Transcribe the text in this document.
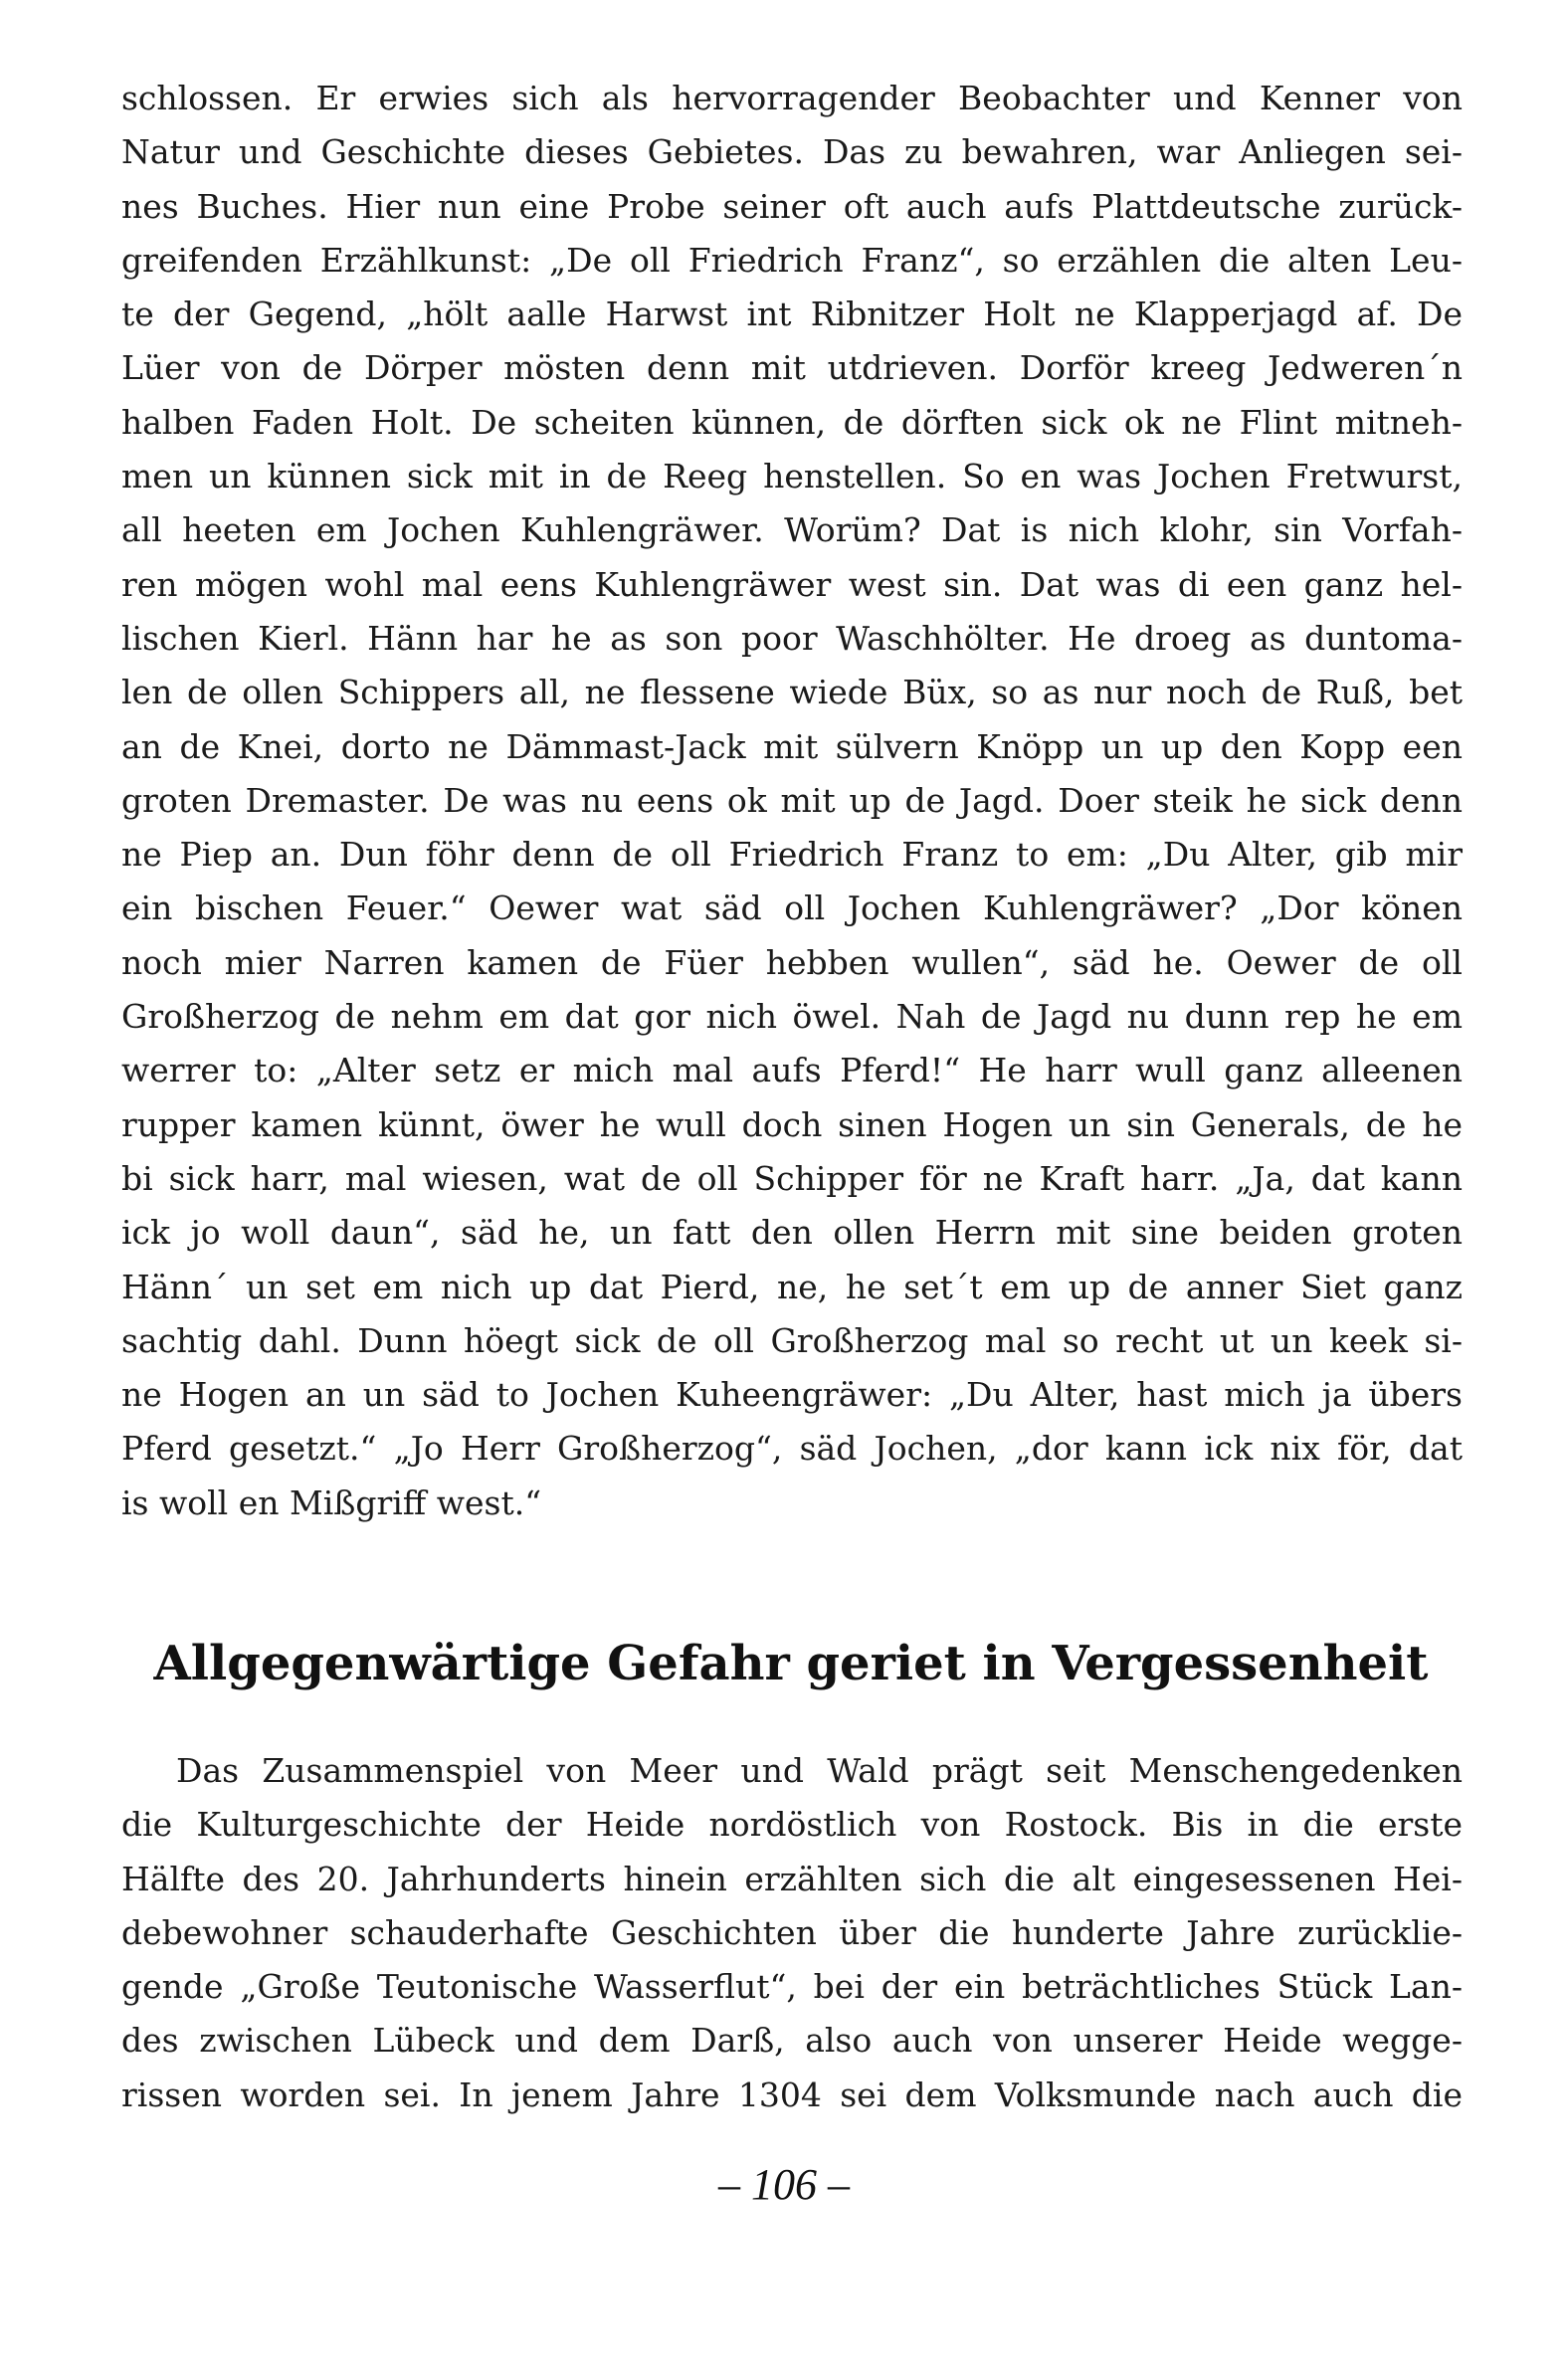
schlossen. Er erwies sich als hervorragender Beobachter und Kenner von
Natur und Geschichte dieses Gebietes. Das zu bewahren, war Anliegen sei-
nes Buches. Hier nun eine Probe seiner oft auch aufs Plattdeutsche zurück-
greifenden Erzählkunst: „De oll Friedrich Franz“, so erzählen die alten Leu-
te der Gegend, „hölt aalle Harwst int Ribnitzer Holt ne Klapperjagd af. De
Lüer von de Dörper mösten denn mit utdrieven. Dorför kreeg Jedweren´n
halben Faden Holt. De scheiten künnen, de dörften sick ok ne Flint mitneh-
men un künnen sick mit in de Reeg henstellen. So en was Jochen Fretwurst,
all heeten em Jochen Kuhlengräwer. Worüm? Dat is nich klohr, sin Vorfah-
ren mögen wohl mal eens Kuhlengräwer west sin. Dat was di een ganz hel-
lischen Kierl. Hänn har he as son poor Waschhölter. He droeg as duntoma-
len de ollen Schippers all, ne flessene wiede Büx, so as nur noch de Ruß, bet
an de Knei, dorto ne Dämmast-Jack mit sülvern Knöpp un up den Kopp een
groten Dremaster. De was nu eens ok mit up de Jagd. Doer steik he sick denn
ne Piep an. Dun föhr denn de oll Friedrich Franz to em: „Du Alter, gib mir
ein bischen Feuer.“ Oewer wat säd oll Jochen Kuhlengräwer? „Dor könen
noch mier Narren kamen de Füer hebben wullen“, säd he. Oewer de oll
Großherzog de nehm em dat gor nich öwel. Nah de Jagd nu dunn rep he em
werrer to: „Alter setz er mich mal aufs Pferd!“ He harr wull ganz alleenen
rupper kamen künnt, öwer he wull doch sinen Hogen un sin Generals, de he
bi sick harr, mal wiesen, wat de oll Schipper för ne Kraft harr. „Ja, dat kann
ick jo woll daun“, säd he, un fatt den ollen Herrn mit sine beiden groten
Hänn´ un set em nich up dat Pierd, ne, he set´t em up de anner Siet ganz
sachtig dahl. Dunn höegt sick de oll Großherzog mal so recht ut un keek si-
ne Hogen an un säd to Jochen Kuheengräwer: „Du Alter, hast mich ja übers
Pferd gesetzt.“ „Jo Herr Großherzog“, säd Jochen, „dor kann ick nix för, dat
is woll en Mißgriff west.“
Allgegenwärtige Gefahr geriet in Vergessenheit
Das Zusammenspiel von Meer und Wald prägt seit Menschengedenken
die Kulturgeschichte der Heide nordöstlich von Rostock. Bis in die erste
Hälfte des 20. Jahrhunderts hinein erzählten sich die alt eingesessenen Hei-
debewohner schauderhafte Geschichten über die hunderte Jahre zurücklie-
gende „Große Teutonische Wasserflut“, bei der ein beträchtliches Stück Lan-
des zwischen Lübeck und dem Darß, also auch von unserer Heide wegge-
rissen worden sei. In jenem Jahre 1304 sei dem Volksmunde nach auch die
– 106 –
